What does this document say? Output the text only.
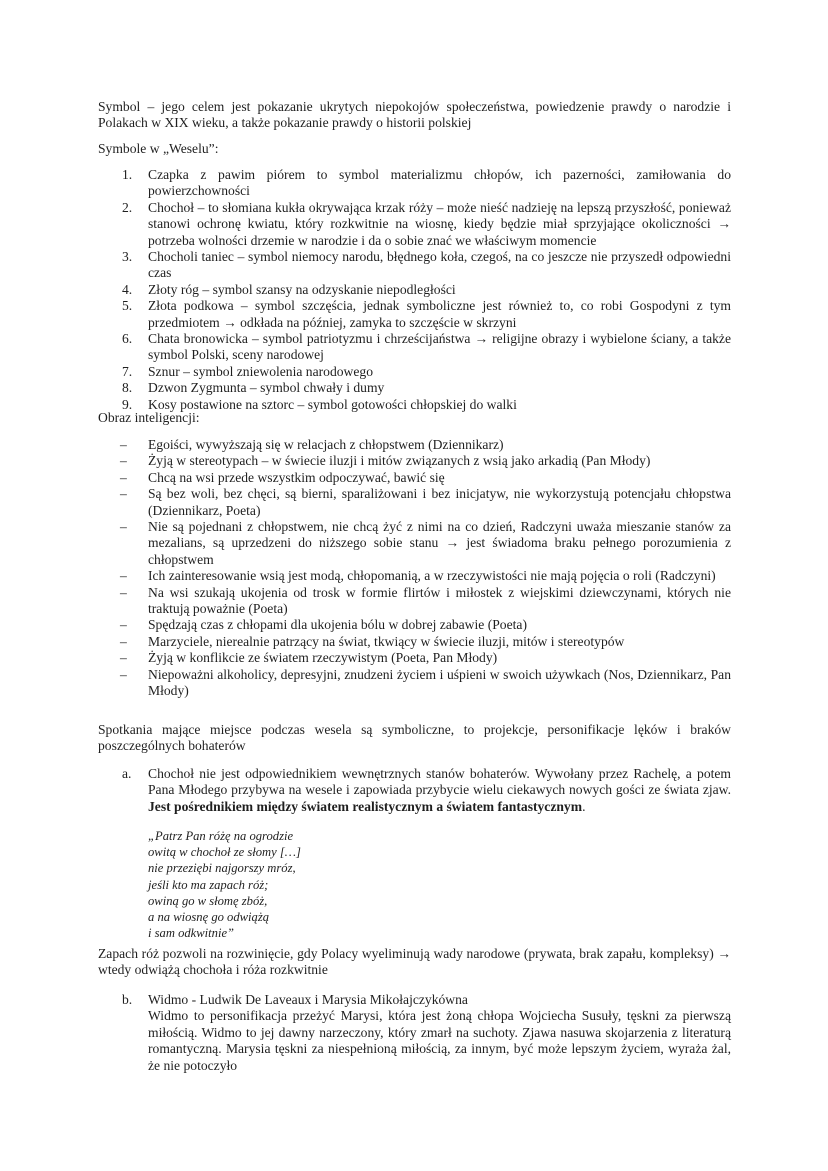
Symbol – jego celem jest pokazanie ukrytych niepokojów społeczeństwa, powiedzenie prawdy o narodzie i Polakach w XIX wieku, a także pokazanie prawdy o historii polskiej

Symbole w „Weselu”:

1. Czapka z pawim piórem to symbol materializmu chłopów, ich pazerności, zamiłowania do powierzchowności
2. Chochoł – to słomiana kukła okrywająca krzak róży – może nieść nadzieję na lepszą przyszłość, ponieważ stanowi ochronę kwiatu, który rozkwitnie na wiosnę, kiedy będzie miał sprzyjające okoliczności → potrzeba wolności drzemie w narodzie i da o sobie znać we właściwym momencie
3. Chocholi taniec – symbol niemocy narodu, błędnego koła, czegoś, na co jeszcze nie przyszedł odpowiedni czas
4. Złoty róg – symbol szansy na odzyskanie niepodległości
5. Złota podkowa – symbol szczęścia, jednak symboliczne jest również to, co robi Gospodyni z tym przedmiotem → odkłada na później, zamyka to szczęście w skrzyni
6. Chata bronowicka – symbol patriotyzmu i chrześcijaństwa → religijne obrazy i wybielone ściany, a także symbol Polski, sceny narodowej
7. Sznur – symbol zniewolenia narodowego
8. Dzwon Zygmunta – symbol chwały i dumy
9. Kosy postawione na sztorc – symbol gotowości chłopskiej do walki

Obraz inteligencji:

– Egoiści, wywyższają się w relacjach z chłopstwem (Dziennikarz)
– Żyją w stereotypach – w świecie iluzji i mitów związanych z wsią jako arkadią (Pan Młody)
– Chcą na wsi przede wszystkim odpoczywać, bawić się
– Są bez woli, bez chęci, są bierni, sparaliżowani i bez inicjatyw, nie wykorzystują potencjału chłopstwa (Dziennikarz, Poeta)
– Nie są pojednani z chłopstwem, nie chcą żyć z nimi na co dzień, Radczyni uważa mieszanie stanów za mezalians, są uprzedzeni do niższego sobie stanu → jest świadoma braku pełnego porozumienia z chłopstwem
– Ich zainteresowanie wsią jest modą, chłopomanią, a w rzeczywistości nie mają pojęcia o roli (Radczyni)
– Na wsi szukają ukojenia od trosk w formie flirtów i miłostek z wiejskimi dziewczynami, których nie traktują poważnie (Poeta)
– Spędzają czas z chłopami dla ukojenia bólu w dobrej zabawie (Poeta)
– Marzyciele, nierealnie patrzący na świat, tkwiący w świecie iluzji, mitów i stereotypów
– Żyją w konflikcie ze światem rzeczywistym (Poeta, Pan Młody)
– Niepoważni alkoholicy, depresyjni, znudzeni życiem i uśpieni w swoich używkach (Nos, Dziennikarz, Pan Młody)

Spotkania mające miejsce podczas wesela są symboliczne, to projekcje, personifikacje lęków i braków poszczególnych bohaterów

a. Chochoł nie jest odpowiednikiem wewnętrznych stanów bohaterów. Wywołany przez Rachelę, a potem Pana Młodego przybywa na wesele i zapowiada przybycie wielu ciekawych nowych gości ze świata zjaw. Jest pośrednikiem między światem realistycznym a światem fantastycznym.
„Patrz Pan różę na ogrodzie
owitą w chochoł ze słomy […]
nie przeziębi najgorszy mróz,
jeśli kto ma zapach róż;
owiną go w słomę zbóż,
a na wiosnę go odwiążą
i sam odkwitnie”

Zapach róż pozwoli na rozwinięcie, gdy Polacy wyeliminują wady narodowe (prywata, brak zapału, kompleksy) → wtedy odwiążą chochoła i róża rozkwitnie

b. Widmo - Ludwik De Laveaux i Marysia Mikołajczykówna
Widmo to personifikacja przeżyć Marysi, która jest żoną chłopa Wojciecha Susuły, tęskni za pierwszą miłością. Widmo to jej dawny narzeczony, który zmarł na suchoty. Zjawa nasuwa skojarzenia z literaturą romantyczną. Marysia tęskni za niespełnioną miłością, za innym, być może lepszym życiem, wyraża żal, że nie potoczyło
